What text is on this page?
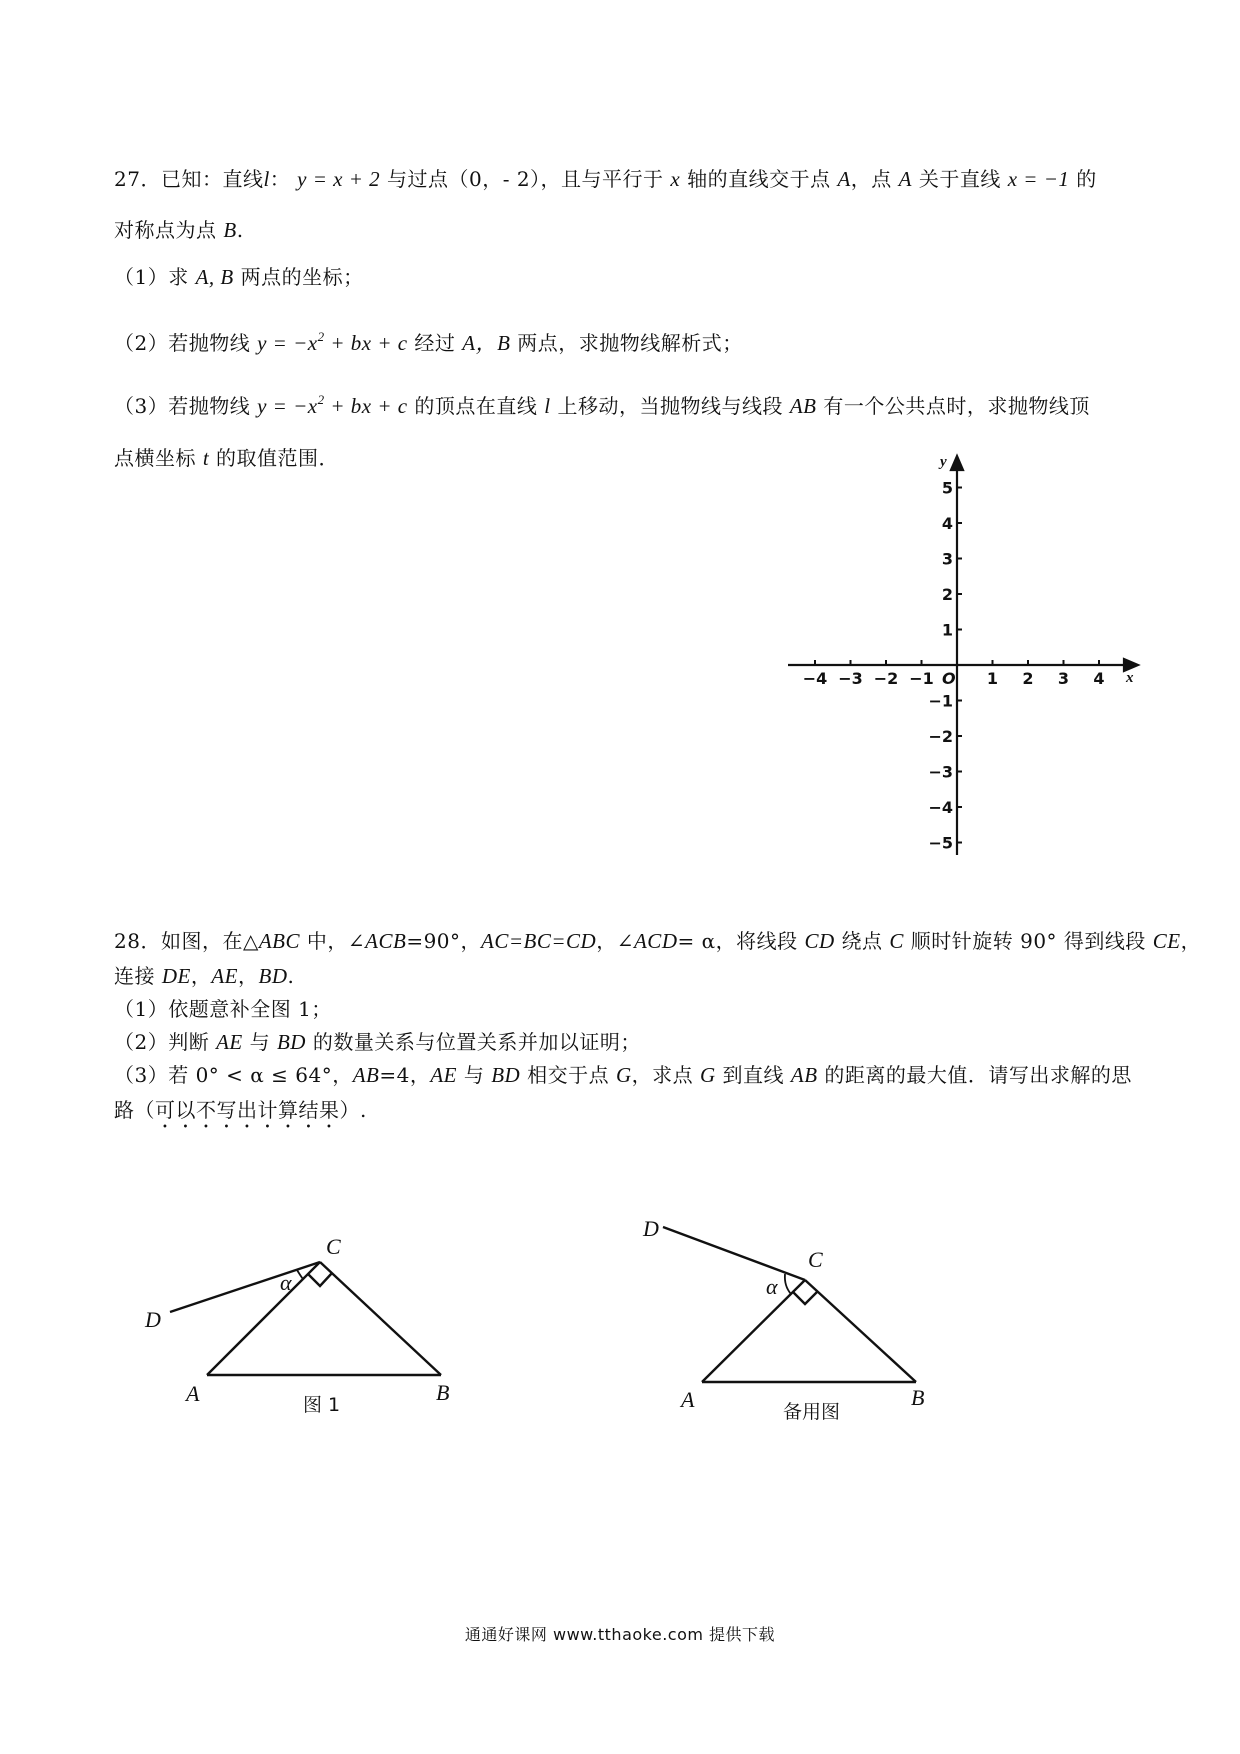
27．已知：直线l： y = x + 2 与过点（0，- 2），且与平行于 x 轴的直线交于点 A，点 A 关于直线 x = −1 的
对称点为点 B.
（1）求 A, B 两点的坐标；
（2）若抛物线 $y = -x^2$ + bx + c 经过 A，B 两点，求抛物线解析式；
（3）若抛物线 $y = -x^2$ + bx + c 的顶点在直线 l 上移动，当抛物线与线段 AB 有一个公共点时，求抛物线顶
点横坐标 t 的取值范围．
x
y
O
−4 −3 −2 −1	1 2 3 4
5
4
3
2
1
−1
−2
−3
−4
−5
28．如图，在△ABC 中，∠ACB=90°，AC=BC=CD，∠ACD= α，将线段 CD 绕点 C 顺时针旋转 90° 得到线段 CE，
连接 DE，AE，BD.
（1）依题意补全图 1；
（2）判断 AE 与 BD 的数量关系与位置关系并加以证明；
（3）若 0° < α ≤ 64°，AB=4，AE 与 BD 相交于点 G，求点 G 到直线 AB 的距离的最大值．请写出求解的思
路（可以不写出计算结果）.
A	B
C
D
α
图 1	A	B
C
D
α
备用图
通通好课网 www.tthaoke.com 提供下载
